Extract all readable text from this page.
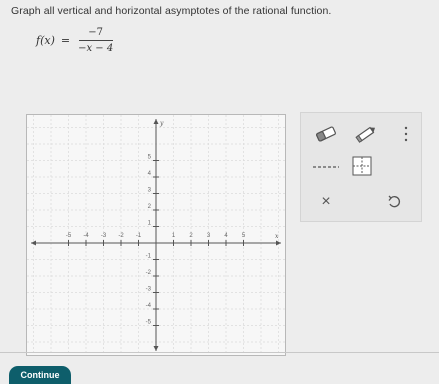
Graph all vertical and horizontal asymptotes of the rational function.
$f(x) = \frac{-7}{-x - 4}$
-5 -4 -3 -2 -1	1 2 3 4 5
5
4
3
2
1
-1
-2
-3
-4
-5
x
y
×
Continue
